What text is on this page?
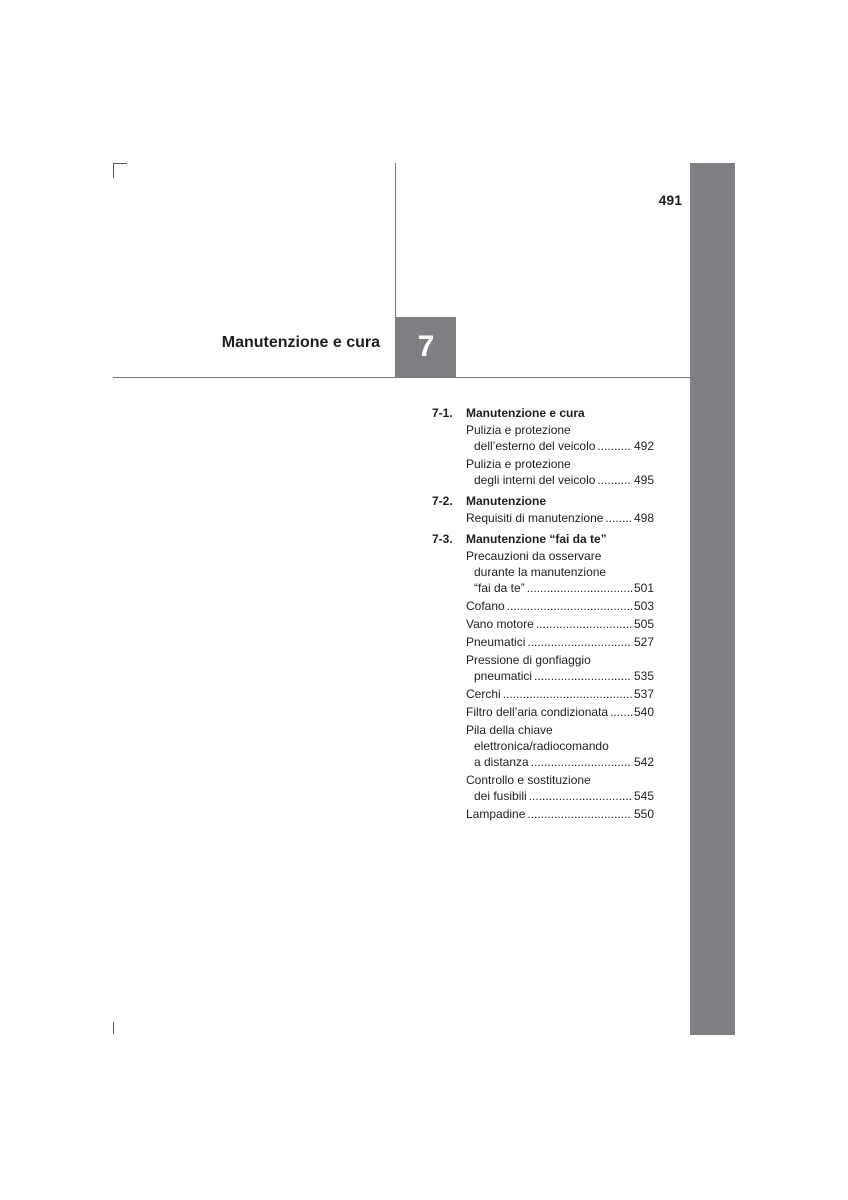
491
Manutenzione e cura 7
7-1.	Manutenzione e cura
Pulizia e protezione
dell’esterno del veicolo .....	492
Pulizia e protezione
degli interni del veicolo .....	495
7-2.	Manutenzione
Requisiti di manutenzione .....	498
7-3.	Manutenzione “fai da te”
Precauzioni da osservare
durante la manutenzione
“fai da te” .....	501
Cofano .....	503
Vano motore .....	505
Pneumatici .....	527
Pressione di gonfiaggio
pneumatici .....	535
Cerchi .....	537
Filtro dell’aria condizionata ..... 540
Pila della chiave
elettronica/radiocomando
a distanza .....	542
Controllo e sostituzione
dei fusibili .....	545
Lampadine .....	550
